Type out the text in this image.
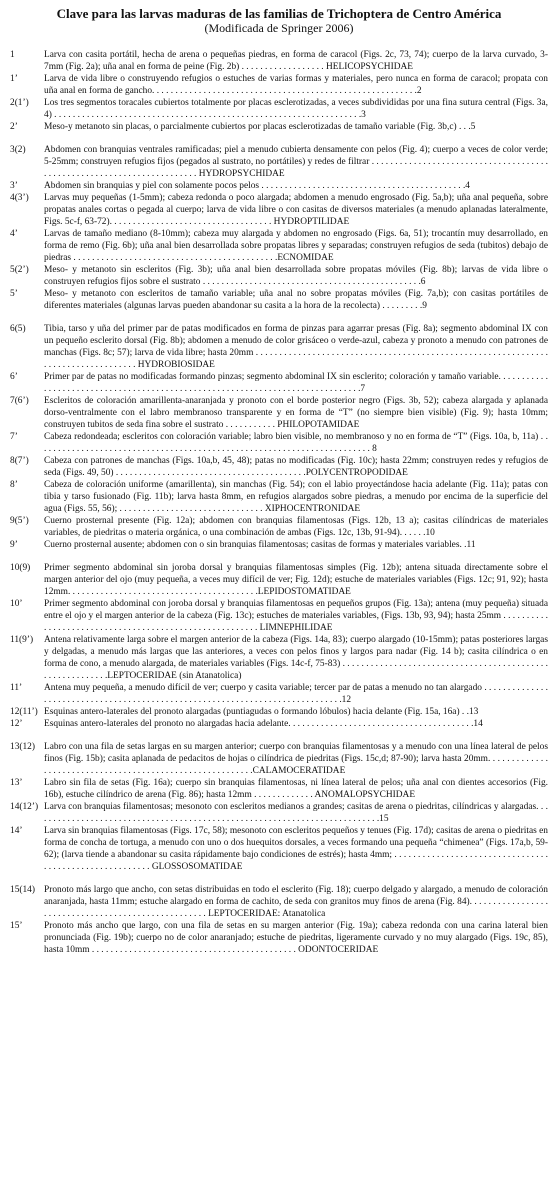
Clave para las larvas maduras de las familias de Trichoptera de Centro América
(Modificada de Springer 2006)
1	Larva con casita portátil, hecha de arena o pequeñas piedras, en forma de caracol (Figs. 2c, 73, 74); cuerpo de la larva curvado, 3-7mm (Fig. 2a); uña anal en forma de peine (Fig. 2b) . . . . . . . . . . . . . . . . . . HELICOPSYCHIDAE
1’	Larva de vida libre o construyendo refugios o estuches de varias formas y materiales, pero nunca en forma de caracol; propata con uña anal en forma de gancho. . . . . . . . . . . . . . . . . . . . . . . . . . . . . . . . . . . . . . . . . . . . . . . . . . . . . . . . .2
2(1’)	Los tres segmentos toracales cubiertos totalmente por placas esclerotizadas, a veces subdivididas por una fina sutura central (Figs. 3a, 4) . . . . . . . . . . . . . . . . . . . . . . . . . . . . . . . . . . . . . . . . . . . . . . . . . . . . . . . . . . . . . . . . . .3
2’	Meso-y metanoto sin placas, o parcialmente cubiertos por placas esclerotizadas de tamaño variable (Fig. 3b,c) . . .5
3(2)	Abdomen con branquias ventrales ramificadas; piel a menudo cubierta densamente con pelos (Fig. 4); cuerpo a veces de color verde; 5-25mm; construyen refugios fijos (pegados al sustrato, no portátiles) y redes de filtrar . . . . . . . . . . . . . . . . . . . . . . . . . . . . . . . . . . . . . . . . . . . . . . . . . . . . . . . . . . . . . . . . . . . . . . . HYDROPSYCHIDAE
3’	Abdomen sin branquias y piel con solamente pocos pelos . . . . . . . . . . . . . . . . . . . . . . . . . . . . . . . . . . . . . . . . . . . .4
4(3’)	Larvas muy pequeñas (1-5mm); cabeza redonda o poco alargada; abdomen a menudo engrosado (Fig. 5a,b); uña anal pequeña, sobre propatas anales cortas o pegada al cuerpo; larva de vida libre o con casitas de diversos materiales (a menudo aplanadas lateralmente, Figs. 5c-f, 63-72). . . . . . . . . . . . . . . . . . . . . . . . . . . . . . . . . . . HYDROPTILIDAE
4’	Larvas de tamaño mediano (8-10mm); cabeza muy alargada y abdomen no engrosado (Figs. 6a, 51); trocantín muy desarrollado, en forma de remo (Fig. 6b); uña anal bien desarrollada sobre propatas libres y separadas; construyen refugios de seda (tubitos) debajo de piedras . . . . . . . . . . . . . . . . . . . . . . . . . . . . . . . . . . . . . . . . . . . .ECNOMIDAE
5(2’)	Meso- y metanoto sin escleritos (Fig. 3b); uña anal bien desarrollada sobre propatas móviles (Fig. 8b); larvas de vida libre o construyen refugios fijos sobre el sustrato . . . . . . . . . . . . . . . . . . . . . . . . . . . . . . . . . . . . . . . . . . . . . . .6
5’	Meso- y metanoto con escleritos de tamaño variable; uña anal no sobre propatas móviles (Fig. 7a,b); con casitas portátiles de diferentes materiales (algunas larvas pueden abandonar su casita a la hora de la recolecta) . . . . . . . . .9
6(5)	Tibia, tarso y uña del primer par de patas modificados en forma de pinzas para agarrar presas (Fig. 8a); segmento abdominal IX con un pequeño esclerito dorsal (Fig. 8b); abdomen a menudo de color grisáceo o verde-azul, cabeza y pronoto a menudo con patrones de manchas (Figs. 8c; 57); larva de vida libre; hasta 20mm . . . . . . . . . . . . . . . . . . . . . . . . . . . . . . . . . . . . . . . . . . . . . . . . . . . . . . . . . . . . . . . . . . . . . . . . . . . . . . . . . . HYDROBIOSIDAE
6’	Primer par de patas no modificadas formando pinzas; segmento abdominal IX sin esclerito; coloración y tamaño variable. . . . . . . . . . . . . . . . . . . . . . . . . . . . . . . . . . . . . . . . . . . . . . . . . . . . . . . . . . . . . . . . . . . . . . . . . . . . . . .7
7(6’)	Escleritos de coloración amarillenta-anaranjada y pronoto con el borde posterior negro (Figs. 3b, 52); cabeza alargada y aplanada dorso-ventralmente con el labro membranoso transparente y en forma de “T” (no siempre bien visible) (Fig. 9); hasta 10mm; construyen tubitos de seda fina sobre el sustrato . . . . . . . . . . . PHILOPOTAMIDAE
7’	Cabeza redondeada; escleritos con coloración variable; labro bien visible, no membranoso y no en forma de “T” (Figs. 10a, b, 11a) . . . . . . . . . . . . . . . . . . . . . . . . . . . . . . . . . . . . . . . . . . . . . . . . . . . . . . . . . . . . . . . . . . . . . . . . 8
8(7’)	Cabeza con patrones de manchas (Figs. 10a,b, 45, 48); patas no modificadas (Fig. 10c); hasta 22mm; construyen redes y refugios de seda (Figs. 49, 50) . . . . . . . . . . . . . . . . . . . . . . . . . . . . . . . . . . . . . . . . .POLYCENTROPODIDAE
8’	Cabeza de coloración uniforme (amarillenta), sin manchas (Fig. 54); con el labio proyectándose hacia adelante (Fig. 11a); patas con tibia y tarso fusionado (Fig. 11b); larva hasta 8mm, en refugios alargados sobre piedras, a menudo por encima de la superficie del agua (Figs. 55, 56); . . . . . . . . . . . . . . . . . . . . . . . . . . . . . . . XIPHOCENTRONIDAE
9(5’)	Cuerno prosternal presente (Fig. 12a); abdomen con branquias filamentosas (Figs. 12b, 13 a); casitas cilíndricas de materiales variables, de piedritas o materia orgánica, o una combinación de ambas (Figs. 12c, 13b, 91-94). . . . . .10
9’	Cuerno prosternal ausente; abdomen con o sin branquias filamentosas; casitas de formas y materiales variables. .11
10(9)	Primer segmento abdominal sin joroba dorsal y branquias filamentosas simples (Fig. 12b); antena situada directamente sobre el margen anterior del ojo (muy pequeña, a veces muy difícil de ver; Fig. 12d); estuche de materiales variables (Figs. 12c; 91, 92); hasta 12mm. . . . . . . . . . . . . . . . . . . . . . . . . . . . . . . . . . . . . . . . .LEPIDOSTOMATIDAE
10’	Primer segmento abdominal con joroba dorsal y branquias filamentosas en pequeños grupos (Fig. 13a); antena (muy pequeña) situada entre el ojo y el margen anterior de la cabeza (Fig. 13c); estuches de materiales variables, (Figs. 13b, 93, 94); hasta 25mm . . . . . . . . . . . . . . . . . . . . . . . . . . . . . . . . . . . . . . . . . . . . . . . . . . . . . . . . LIMNEPHILIDAE
11(9’)	Antena relativamente larga sobre el margen anterior de la cabeza (Figs. 14a, 83); cuerpo alargado (10-15mm); patas posteriores largas y delgadas, a menudo más largas que las anteriores, a veces con pelos finos y largos para nadar (Fig. 14 b); casita cilíndrica o en forma de cono, a menudo alargada, de materiales variables (Figs. 14c-f, 75-83) . . . . . . . . . . . . . . . . . . . . . . . . . . . . . . . . . . . . . . . . . . . . . . . . . . . . . . . . . .LEPTOCERIDAE (sin Atanatolica)
11’	Antena muy pequeña, a menudo difícil de ver; cuerpo y casita variable; tercer par de patas a menudo no tan alargado . . . . . . . . . . . . . . . . . . . . . . . . . . . . . . . . . . . . . . . . . . . . . . . . . . . . . . . . . . . . . . . . . . . . . . . . . . . . . .12
12(11’) Esquinas antero-laterales del pronoto alargadas (puntiagudas o formando lóbulos) hacia delante (Fig. 15a, 16a) . .13
12’	Esquinas antero-laterales del pronoto no alargadas hacia adelante. . . . . . . . . . . . . . . . . . . . . . . . . . . . . . . . . . . . . . . .14
13(12) Labro con una fila de setas largas en su margen anterior; cuerpo con branquias filamentosas y a menudo con una línea lateral de pelos finos (Fig. 15b); casita aplanada de pedacitos de hojas o cilíndrica de piedritas (Figs. 15c,d; 87-90); larva hasta 20mm. . . . . . . . . . . . . . . . . . . . . . . . . . . . . . . . . . . . . . . . . . . . . . . . . . . . . . . . . .CALAMOCERATIDAE
13’	Labro sin fila de setas (Fig. 16a); cuerpo sin branquias filamentosas, ni línea lateral de pelos; uña anal con dientes accesorios (Fig. 16b), estuche cilíndrico de arena (Fig. 86); hasta 12mm . . . . . . . . . . . . . ANOMALOPSYCHIDAE
14(12’) Larva con branquias filamentosas; mesonoto con escleritos medianos a grandes; casitas de arena o piedritas, cilíndricas y alargadas. . . . . . . . . . . . . . . . . . . . . . . . . . . . . . . . . . . . . . . . . . . . . . . . . . . . . . . . . . . . . . . . . . . . . . . . . . .15
14’	Larva sin branquias filamentosas (Figs. 17c, 58); mesonoto con escleritos pequeños y tenues (Fig. 17d); casitas de arena o piedritas en forma de concha de tortuga, a menudo con uno o dos huequitos dorsales, a veces formando una pequeña “chimenea” (Figs. 17a,b, 59-62); (larva tiende a abandonar su casita rápidamente bajo condiciones de estrés); hasta 4mm; . . . . . . . . . . . . . . . . . . . . . . . . . . . . . . . . . . . . . . . . . . . . . . . . . . . . . . . . GLOSSOSOMATIDAE
15(14) Pronoto más largo que ancho, con setas distribuidas en todo el esclerito (Fig. 18); cuerpo delgado y alargado, a menudo de coloración anaranjada, hasta 11mm; estuche alargado en forma de cachito, de seda con granitos muy finos de arena (Fig. 84). . . . . . . . . . . . . . . . . . . . . . . . . . . . . . . . . . . . . . . . . . . . . . . . . . . . LEPTOCERIDAE: Atanatolica
15’	Pronoto más ancho que largo, con una fila de setas en su margen anterior (Fig. 19a); cabeza redonda con una carina lateral bien pronunciada (Fig. 19b); cuerpo no de color anaranjado; estuche de piedritas, ligeramente curvado y no muy alargado (Figs. 19c, 85), hasta 10mm . . . . . . . . . . . . . . . . . . . . . . . . . . . . . . . . . . . . . . . . . . . . ODONTOCERIDAE
